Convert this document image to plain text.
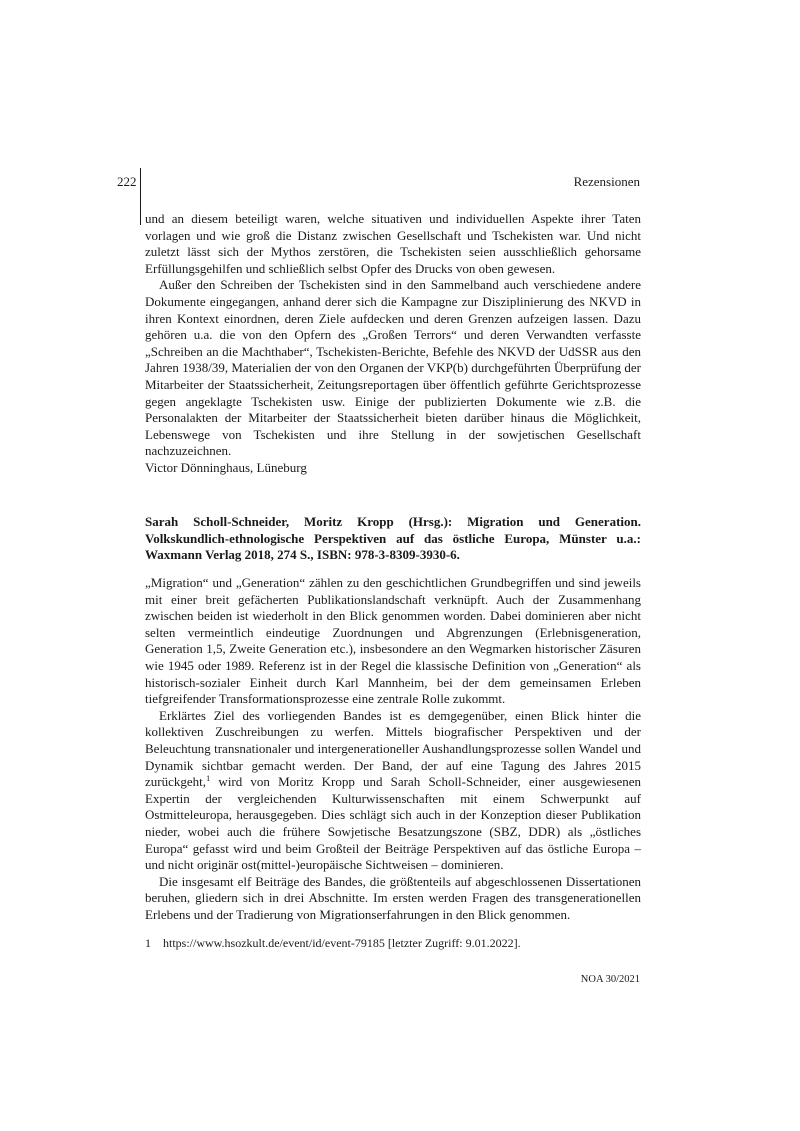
222	Rezensionen

und an diesem beteiligt waren, welche situativen und individuellen Aspekte ihrer Taten vorlagen und wie groß die Distanz zwischen Gesellschaft und Tschekisten war. Und nicht zuletzt lässt sich der Mythos zerstören, die Tschekisten seien ausschließlich gehorsame Erfüllungsgehilfen und schließlich selbst Opfer des Drucks von oben gewesen.

Außer den Schreiben der Tschekisten sind in den Sammelband auch verschiedene andere Dokumente eingegangen, anhand derer sich die Kampagne zur Disziplinierung des NKVD in ihren Kontext einordnen, deren Ziele aufdecken und deren Grenzen aufzeigen lassen. Dazu gehören u.a. die von den Opfern des „Großen Terrors“ und deren Verwandten verfasste „Schreiben an die Machthaber“, Tschekisten-Berichte, Befehle des NKVD der UdSSR aus den Jahren 1938/39, Materialien der von den Organen der VKP(b) durchgeführten Überprüfung der Mitarbeiter der Staatssicherheit, Zeitungsreportagen über öffentlich geführte Gerichtsprozesse gegen angeklagte Tschekisten usw. Einige der publizierten Dokumente wie z.B. die Personalakten der Mitarbeiter der Staatssicherheit bieten darüber hinaus die Möglichkeit, Lebenswege von Tschekisten und ihre Stellung in der sowjetischen Gesellschaft nachzuzeichnen.

Victor Dönninghaus, Lüneburg

Sarah Scholl-Schneider, Moritz Kropp (Hrsg.): Migration und Generation. Volkskundlich-ethnologische Perspektiven auf das östliche Europa, Münster u.a.: Waxmann Verlag 2018, 274 S., ISBN: 978-3-8309-3930-6.

„Migration“ und „Generation“ zählen zu den geschichtlichen Grundbegriffen und sind jeweils mit einer breit gefächerten Publikationslandschaft verknüpft. Auch der Zusammenhang zwischen beiden ist wiederholt in den Blick genommen worden. Dabei dominieren aber nicht selten vermeintlich eindeutige Zuordnungen und Abgrenzungen (Erlebnisgeneration, Generation 1,5, Zweite Generation etc.), insbesondere an den Wegmarken historischer Zäsuren wie 1945 oder 1989. Referenz ist in der Regel die klassische Definition von „Generation“ als historisch-sozialer Einheit durch Karl Mannheim, bei der dem gemeinsamen Erleben tiefgreifender Transformationsprozesse eine zentrale Rolle zukommt.

Erklärtes Ziel des vorliegenden Bandes ist es demgegenüber, einen Blick hinter die kollektiven Zuschreibungen zu werfen. Mittels biografischer Perspektiven und der Beleuchtung transnationaler und intergenerationeller Aushandlungsprozesse sollen Wandel und Dynamik sichtbar gemacht werden. Der Band, der auf eine Tagung des Jahres 2015 zurückgeht,$^1$ wird von Moritz Kropp und Sarah Scholl-Schneider, einer ausgewiesenen Expertin der vergleichenden Kulturwissenschaften mit einem Schwerpunkt auf Ostmitteleuropa, herausgegeben. Dies schlägt sich auch in der Konzeption dieser Publikation nieder, wobei auch die frühere Sowjetische Besatzungszone (SBZ, DDR) als „östliches Europa“ gefasst wird und beim Großteil der Beiträge Perspektiven auf das östliche Europa – und nicht originär ost(mittel-)europäische Sichtweisen – dominieren.

Die insgesamt elf Beiträge des Bandes, die größtenteils auf abgeschlossenen Dissertationen beruhen, gliedern sich in drei Abschnitte. Im ersten werden Fragen des transgenerationellen Erlebens und der Tradierung von Migrationserfahrungen in den Blick genommen.

1 https://www.hsozkult.de/event/id/event-79185 [letzter Zugriff: 9.01.2022].
NOA 30/2021
